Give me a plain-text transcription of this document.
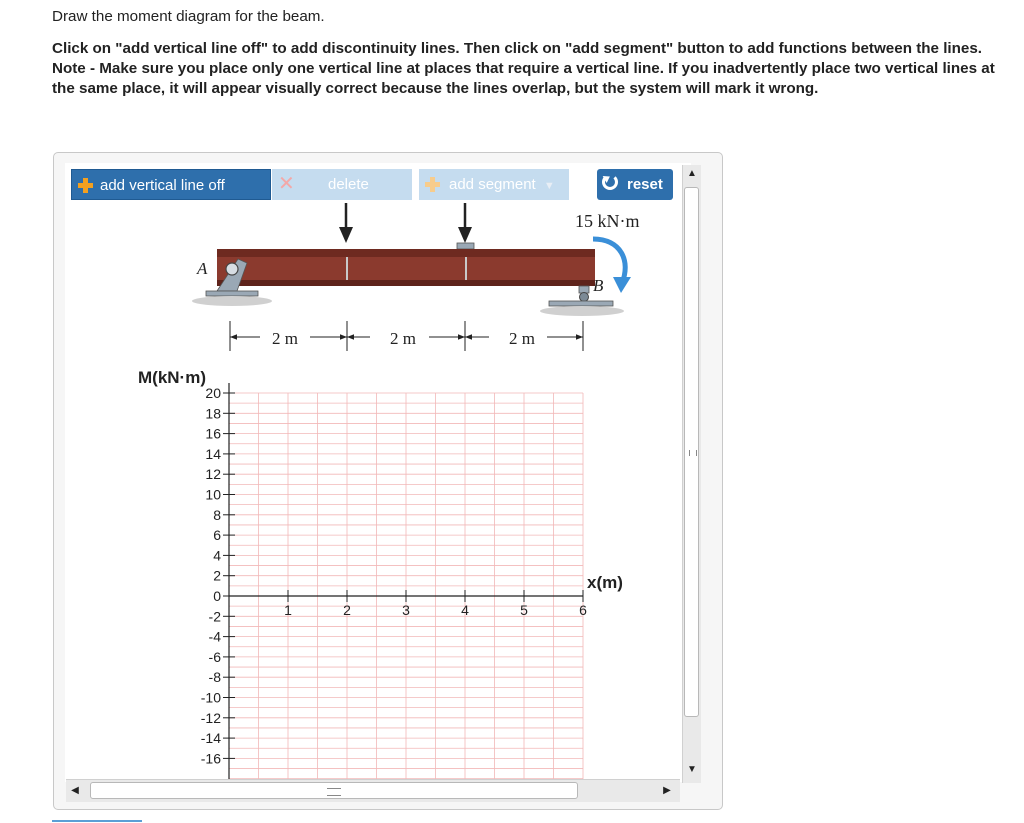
Draw the moment diagram for the beam.

Click on "add vertical line off" to add discontinuity lines. Then click on "add segment" button to add functions between the lines.

Note - Make sure you place only one vertical line at places that require a vertical line. If you inadvertently place two vertical lines at the same place, it will appear visually correct because the lines overlap, but the system will mark it wrong.

A
B
15 kN·m
2 m	2 m	2 m
20
18
16
14
12
10
8
6
4
2
0
-2
-4
-6
-8
-10
-12
-14
-16
1	2	3	4	5	6
M(kN·m)
x(m)
add vertical line off	✕ delete	add segment ▼	reset
▲
▼
◀	▶
